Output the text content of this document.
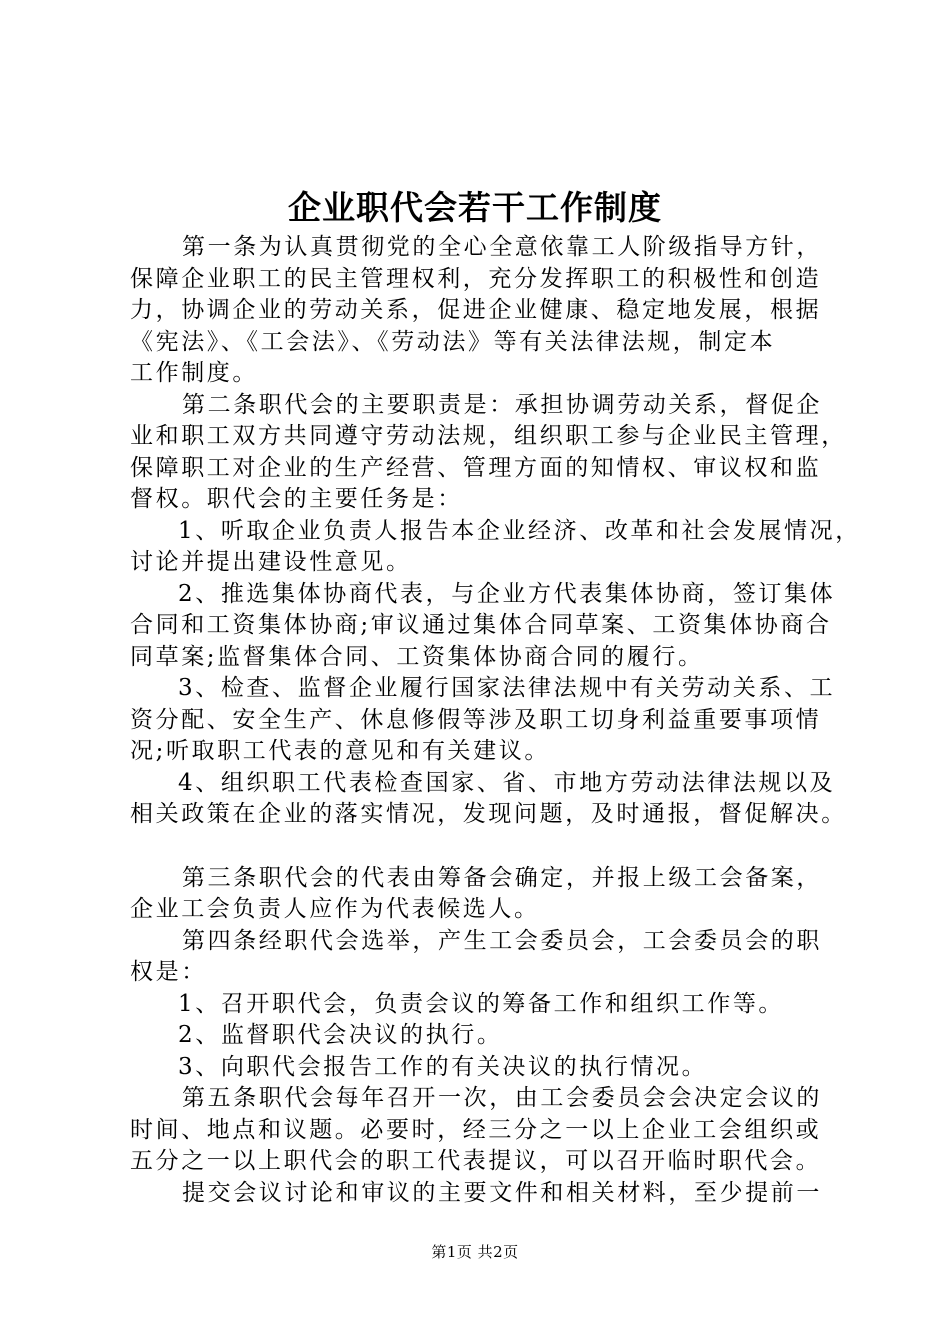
企业职代会若干工作制度
第一条为认真贯彻党的全心全意依靠工人阶级指导方针，
保障企业职工的民主管理权利，充分发挥职工的积极性和创造
力，协调企业的劳动关系，促进企业健康、稳定地发展，根据
《宪法》、《工会法》、《劳动法》等有关法律法规，制定本
工作制度。
第二条职代会的主要职责是：承担协调劳动关系，督促企
业和职工双方共同遵守劳动法规，组织职工参与企业民主管理，
保障职工对企业的生产经营、管理方面的知情权、审议权和监
督权。职代会的主要任务是：
1、听取企业负责人报告本企业经济、改革和社会发展情况，
讨论并提出建设性意见。
2、推选集体协商代表，与企业方代表集体协商，签订集体
合同和工资集体协商;审议通过集体合同草案、工资集体协商合
同草案;监督集体合同、工资集体协商合同的履行。
3、检查、监督企业履行国家法律法规中有关劳动关系、工
资分配、安全生产、休息修假等涉及职工切身利益重要事项情
况;听取职工代表的意见和有关建议。
4、组织职工代表检查国家、省、市地方劳动法律法规以及
相关政策在企业的落实情况，发现问题，及时通报，督促解决。
第三条职代会的代表由筹备会确定，并报上级工会备案，
企业工会负责人应作为代表候选人。
第四条经职代会选举，产生工会委员会，工会委员会的职
权是：
1、召开职代会，负责会议的筹备工作和组织工作等。
2、监督职代会决议的执行。
3、向职代会报告工作的有关决议的执行情况。
第五条职代会每年召开一次，由工会委员会会决定会议的
时间、地点和议题。必要时，经三分之一以上企业工会组织或
五分之一以上职代会的职工代表提议，可以召开临时职代会。
提交会议讨论和审议的主要文件和相关材料，至少提前一
第1页 共2页
